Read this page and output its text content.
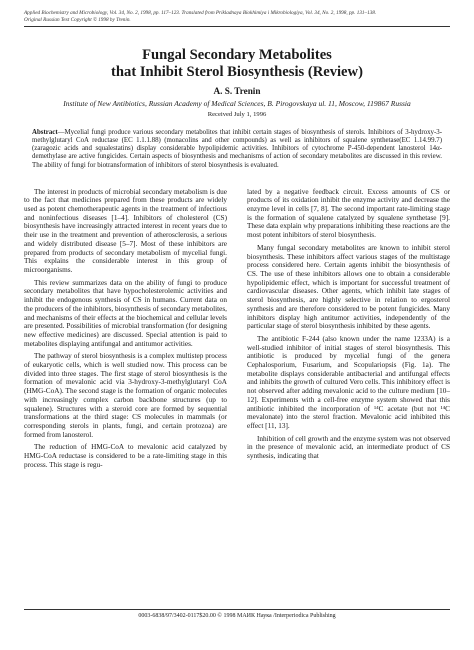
Applied Biochemistry and Microbiology, Vol. 34, No. 2, 1998, pp. 117–123. Translated from Prikladnaya Biokhimiya i Mikrobiologiya, Vol. 34, No. 2, 1998, pp. 131–138.
Original Russian Text Copyright © 1998 by Trenin.
Fungal Secondary Metabolites
that Inhibit Sterol Biosynthesis (Review)
A. S. Trenin
Institute of New Antibiotics, Russian Academy of Medical Sciences, B. Pirogovskaya ul. 11, Moscow, 119867 Russia
Received July 1, 1996
Abstract—Mycelial fungi produce various secondary metabolites that inhibit certain stages of biosynthesis of sterols. Inhibitors of 3-hydroxy-3-methylglutaryl CoA reductase (EC 1.1.1.88) (monacolins and other compounds) as well as inhibitors of squalene synthetase(EC 1.14.99.7) (zaragozic acids and squalestatins) display considerable hypolipidemic activities. Inhibitors of cytochrome P-450-dependent lanosterol 14α-demethylase are active fungicides. Certain aspects of biosynthesis and mechanisms of action of secondary metabolites are discussed in this review. The ability of fungi for biotransformation of inhibitors of sterol biosynthesis is evaluated.

The interest in products of microbial secondary metabolism is due to the fact that medicines prepared from these products are widely used as potent chemotherapeutic agents in the treatment of infectious and noninfectious diseases [1–4]. Inhibitors of cholesterol (CS) biosynthesis have increasingly attracted interest in recent years due to their use in the treatment and prevention of atherosclerosis, a serious and widely distributed disease [5–7]. Most of these inhibitors are prepared from products of secondary metabolism of mycelial fungi. This explains the considerable interest in this group of microorganisms.

This review summarizes data on the ability of fungi to produce secondary metabolites that have hypocholesterolemic activities and inhibit the endogenous synthesis of CS in humans. Current data on the producers of the inhibitors, biosynthesis of secondary metabolites, and mechanisms of their effects at the biochemical and cellular levels are presented. Possibilities of microbial transformation (for designing new effective medicines) are discussed. Special attention is paid to metabolites displaying antifungal and antitumor activities.

The pathway of sterol biosynthesis is a complex multistep process of eukaryotic cells, which is well studied now. This process can be divided into three stages. The first stage of sterol biosynthesis is the formation of mevalonic acid via 3-hydroxy-3-methylglutaryl CoA (HMG-CoA). The second stage is the formation of organic molecules with increasingly complex carbon backbone structures (up to squalene). Structures with a steroid core are formed by sequential transformations at the third stage: CS molecules in mammals (or corresponding sterols in plants, fungi, and certain protozoa) are formed from lanosterol.

The reduction of HMG-CoA to mevalonic acid catalyzed by HMG-CoA reductase is considered to be a rate-limiting stage in this process. This stage is regu-

lated by a negative feedback circuit. Excess amounts of CS or products of its oxidation inhibit the enzyme activity and decrease the enzyme level in cells [7, 8]. The second important rate-limiting stage is the formation of squalene catalyzed by squalene synthetase [9]. These data explain why preparations inhibiting these reactions are the most potent inhibitors of sterol biosynthesis.

Many fungal secondary metabolites are known to inhibit sterol biosynthesis. These inhibitors affect various stages of the multistage process considered here. Certain agents inhibit the biosynthesis of CS. The use of these inhibitors allows one to obtain a considerable hypolipidemic effect, which is important for successful treatment of cardiovascular diseases. Other agents, which inhibit late stages of sterol biosynthesis, are highly selective in relation to ergosterol synthesis and are therefore considered to be potent fungicides. Many inhibitors display high antitumor activities, independently of the particular stage of sterol biosynthesis inhibited by these agents.

The antibiotic F-244 (also known under the name 1233A) is a well-studied inhibitor of initial stages of sterol biosynthesis. This antibiotic is produced by mycelial fungi of the genera Cephalosporium, Fusarium, and Scopulariopsis (Fig. 1a). The metabolite displays considerable antibacterial and antifungal effects and inhibits the growth of cultured Vero cells. This inhibitory effect is not observed after adding mevalonic acid to the culture medium [10–12]. Experiments with a cell-free enzyme system showed that this antibiotic inhibited the incorporation of ¹⁴C acetate (but not ¹⁴C mevalonate) into the sterol fraction. Mevalonic acid inhibited this effect [11, 13].

Inhibition of cell growth and the enzyme system was not observed in the presence of mevalonic acid, an intermediate product of CS synthesis, indicating that

0003-6838/97/3402-0117$20.00 © 1998 МАИК Наука /Interperiodica Publishing
